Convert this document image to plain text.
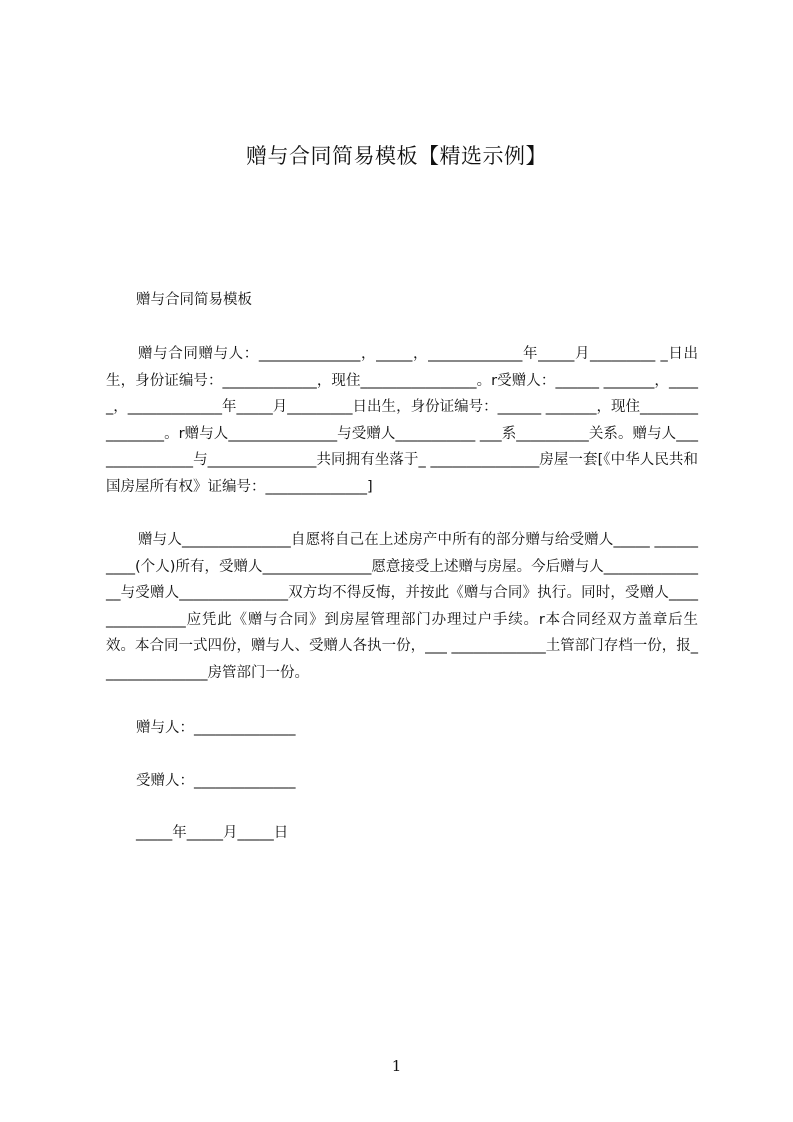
赠与合同简易模板【精选示例】

赠与合同简易模板

赠与合同赠与人：______________，_____，_____________年_____月_________ _日出生，身份证编号：_____________，现住________________。r受赠人：______ _______，_____，_____________年_____月_________日出生，身份证编号：______ _______，现住________________。r赠与人_______________与受赠人___________ ___系__________关系。赠与人_______________与_______________共同拥有坐落于_ _______________房屋一套[《中华人民共和国房屋所有权》证编号：______________]

赠与人_______________自愿将自己在上述房产中所有的部分赠与给受赠人_____ __________(个人)所有，受赠人_______________愿意接受上述赠与房屋。今后赠与人_______________与受赠人_______________双方均不得反悔，并按此《赠与合同》执行。同时，受赠人_______________应凭此《赠与合同》到房屋管理部门办理过户手续。r本合同经双方盖章后生效。本合同一式四份，赠与人、受赠人各执一份，___ _____________土管部门存档一份，报_______________房管部门一份。

赠与人：______________

受赠人：______________

_____年_____月_____日

1
